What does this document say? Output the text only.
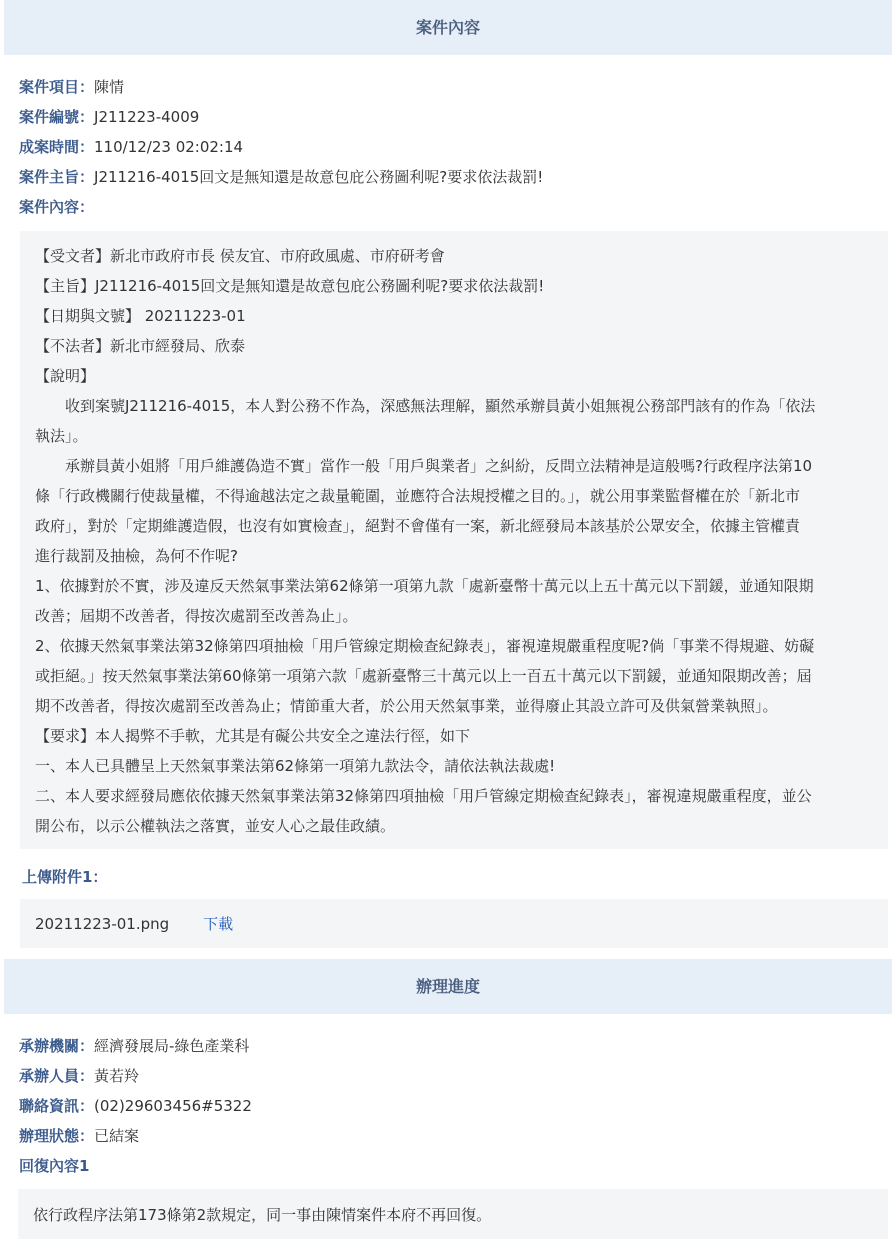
案件內容
案件項目：陳情
案件編號：J211223-4009
成案時間：110/12/23 02:02:14
案件主旨：J211216-4015回文是無知還是故意包庇公務圖利呢?要求依法裁罰!
案件內容：
【受文者】新北市政府市長 侯友宜、市府政風處、市府研考會
【主旨】J211216-4015回文是無知還是故意包庇公務圖利呢?要求依法裁罰!
【日期與文號】 20211223-01
【不法者】新北市經發局、欣泰
【說明】
　　收到案號J211216-4015，本人對公務不作為，深感無法理解，顯然承辦員黃小姐無視公務部門該有的作為「依法
執法」。
　　承辦員黃小姐將「用戶維護偽造不實」當作一般「用戶與業者」之糾紛，反問立法精神是這般嗎?行政程序法第10
條「行政機關行使裁量權，不得逾越法定之裁量範圍，並應符合法規授權之目的。」，就公用事業監督權在於「新北市
政府」，對於「定期維護造假，也沒有如實檢查」，絕對不會僅有一案，新北經發局本該基於公眾安全，依據主管權責
進行裁罰及抽檢，為何不作呢?
1、依據對於不實，涉及違反天然氣事業法第62條第一項第九款「處新臺幣十萬元以上五十萬元以下罰鍰，並通知限期
改善；屆期不改善者，得按次處罰至改善為止」。
2、依據天然氣事業法第32條第四項抽檢「用戶管線定期檢查紀錄表」，審視違規嚴重程度呢?倘「事業不得規避、妨礙
或拒絕。」按天然氣事業法第60條第一項第六款「處新臺幣三十萬元以上一百五十萬元以下罰鍰，並通知限期改善；屆
期不改善者，得按次處罰至改善為止；情節重大者，於公用天然氣事業，並得廢止其設立許可及供氣營業執照」。
【要求】本人揭弊不手軟，尤其是有礙公共安全之違法行徑，如下
一、本人已具體呈上天然氣事業法第62條第一項第九款法令，請依法執法裁處!
二、本人要求經發局應依依據天然氣事業法第32條第四項抽檢「用戶管線定期檢查紀錄表」，審視違規嚴重程度，並公
開公布，以示公權執法之落實，並安人心之最佳政績。
上傳附件1：
20211223-01.png 下載
辦理進度
承辦機關：經濟發展局-綠色產業科
承辦人員：黃若羚
聯絡資訊：(02)29603456#5322
辦理狀態：已結案
回復內容1
依行政程序法第173條第2款規定，同一事由陳情案件本府不再回復。
